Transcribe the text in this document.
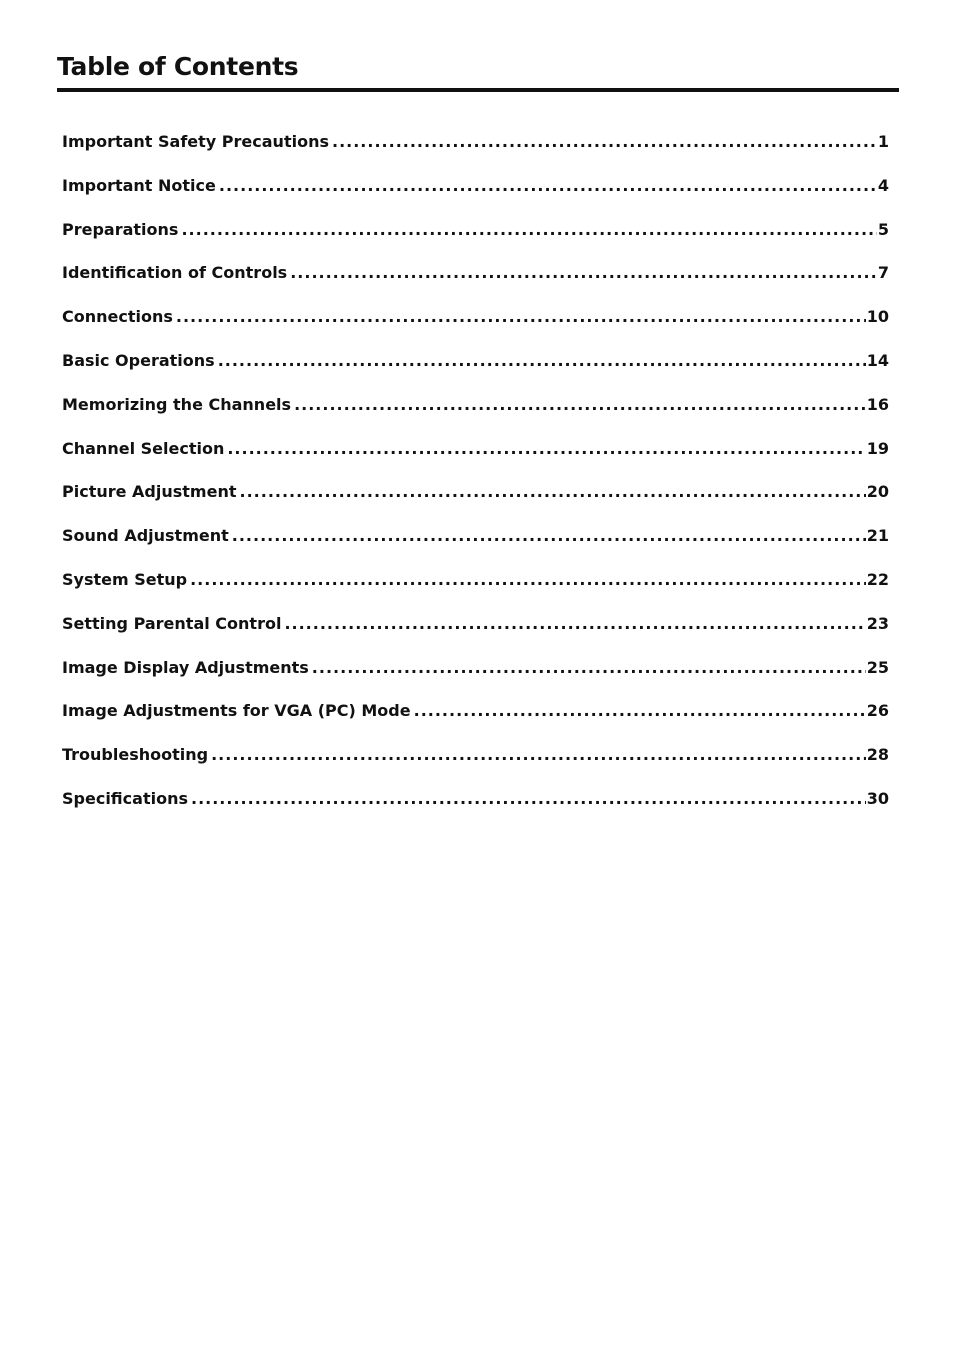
Table of Contents
Important Safety Precautions .....	1
Important Notice .....	4
Preparations .....	5
Identification of Controls .....	7
Connections .....	10
Basic Operations .....	14
Memorizing the Channels .....	16
Channel Selection .....	19
Picture Adjustment .....	20
Sound Adjustment .....	21
System Setup .....	22
Setting Parental Control .....	23
Image Display Adjustments .....	25
Image Adjustments for VGA (PC) Mode .....	26
Troubleshooting .....	28
Specifications .....	30
